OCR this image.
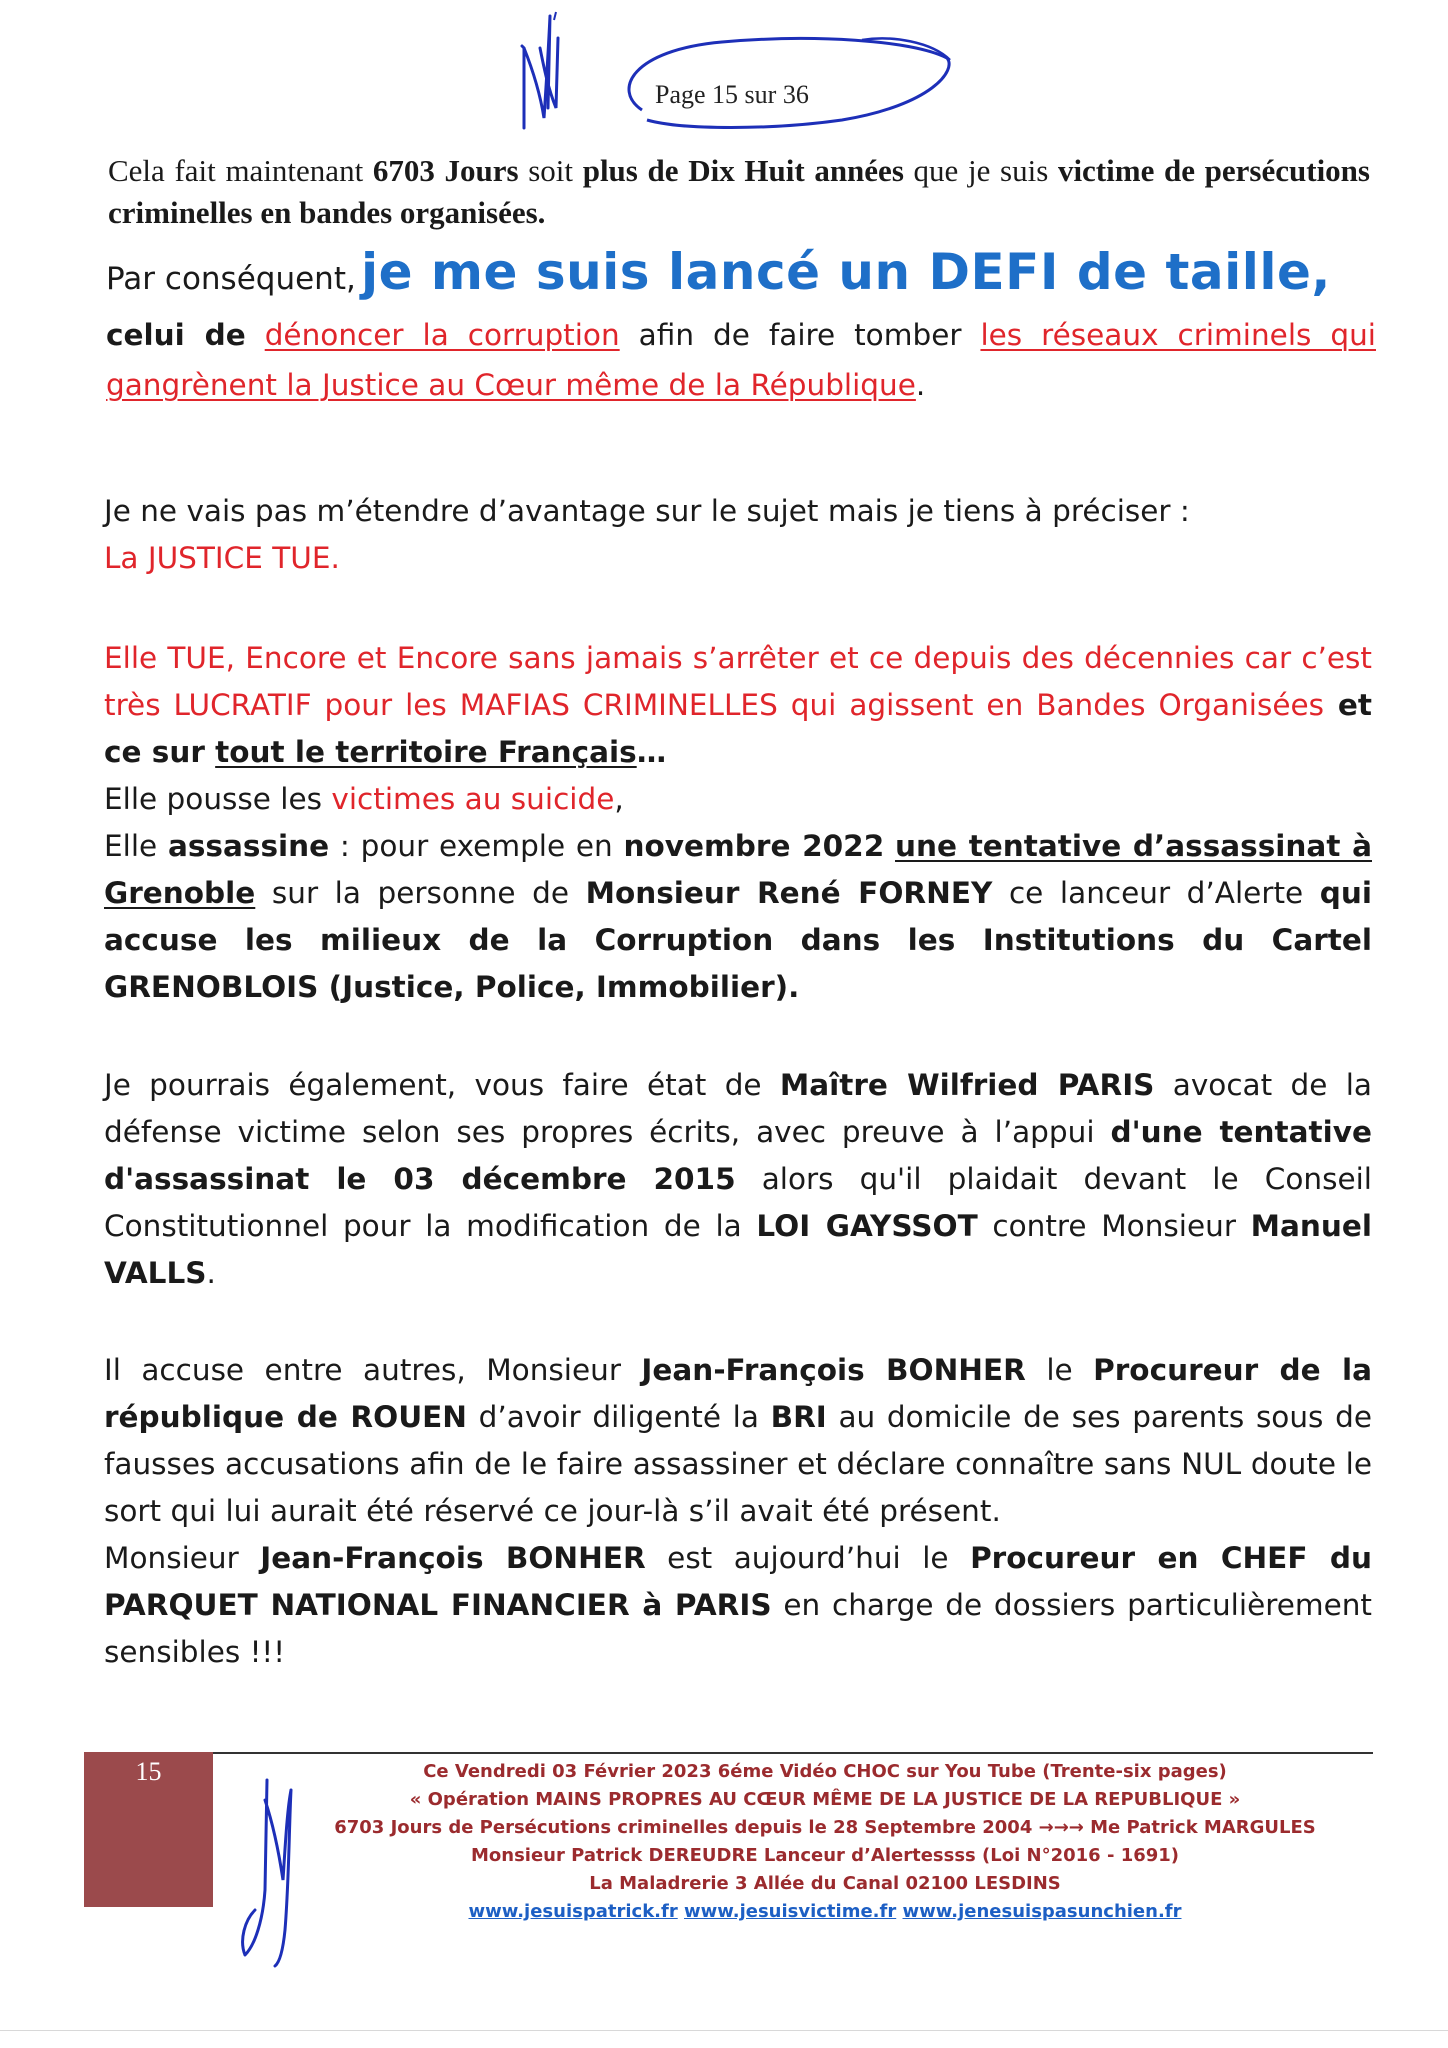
Page 15 sur 36
Cela fait maintenant 6703 Jours soit plus de Dix Huit années que je suis victime de persécutions criminelles en bandes organisées.
Par conséquent, je me suis lancé un DEFI de taille,
celui de dénoncer la corruption afin de faire tomber les réseaux criminels qui gangrènent la Justice au Cœur même de la République.
Je ne vais pas m’étendre d’avantage sur le sujet mais je tiens à préciser :
La JUSTICE TUE.
Elle TUE, Encore et Encore sans jamais s’arrêter et ce depuis des décennies car c’est très LUCRATIF pour les MAFIAS CRIMINELLES qui agissent en Bandes Organisées et ce sur tout le territoire Français…
Elle pousse les victimes au suicide,
Elle assassine : pour exemple en novembre 2022 une tentative d’assassinat à Grenoble sur la personne de Monsieur René FORNEY ce lanceur d’Alerte qui accuse les milieux de la Corruption dans les Institutions du Cartel GRENOBLOIS (Justice, Police, Immobilier).
Je pourrais également, vous faire état de Maître Wilfried PARIS avocat de la défense victime selon ses propres écrits, avec preuve à l’appui d'une tentative d'assassinat le 03 décembre 2015 alors qu'il plaidait devant le Conseil Constitutionnel pour la modification de la LOI GAYSSOT contre Monsieur Manuel VALLS.
Il accuse entre autres, Monsieur Jean-François BONHER le Procureur de la république de ROUEN d’avoir diligenté la BRI au domicile de ses parents sous de fausses accusations afin de le faire assassiner et déclare connaître sans NUL doute le sort qui lui aurait été réservé ce jour-là s’il avait été présent.
Monsieur Jean-François BONHER est aujourd’hui le Procureur en CHEF du PARQUET NATIONAL FINANCIER à PARIS en charge de dossiers particulièrement sensibles !!!
15	Ce Vendredi 03 Février 2023 6éme Vidéo CHOC sur You Tube (Trente-six pages)
« Opération MAINS PROPRES AU CŒUR MÊME DE LA JUSTICE DE LA REPUBLIQUE »
6703 Jours de Persécutions criminelles depuis le 28 Septembre 2004 →→→ Me Patrick MARGULES
Monsieur Patrick DEREUDRE Lanceur d’Alertessss (Loi N°2016 - 1691)
La Maladrerie 3 Allée du Canal 02100 LESDINS
www.jesuispatrick.fr www.jesuisvictime.fr www.jenesuispasunchien.fr
